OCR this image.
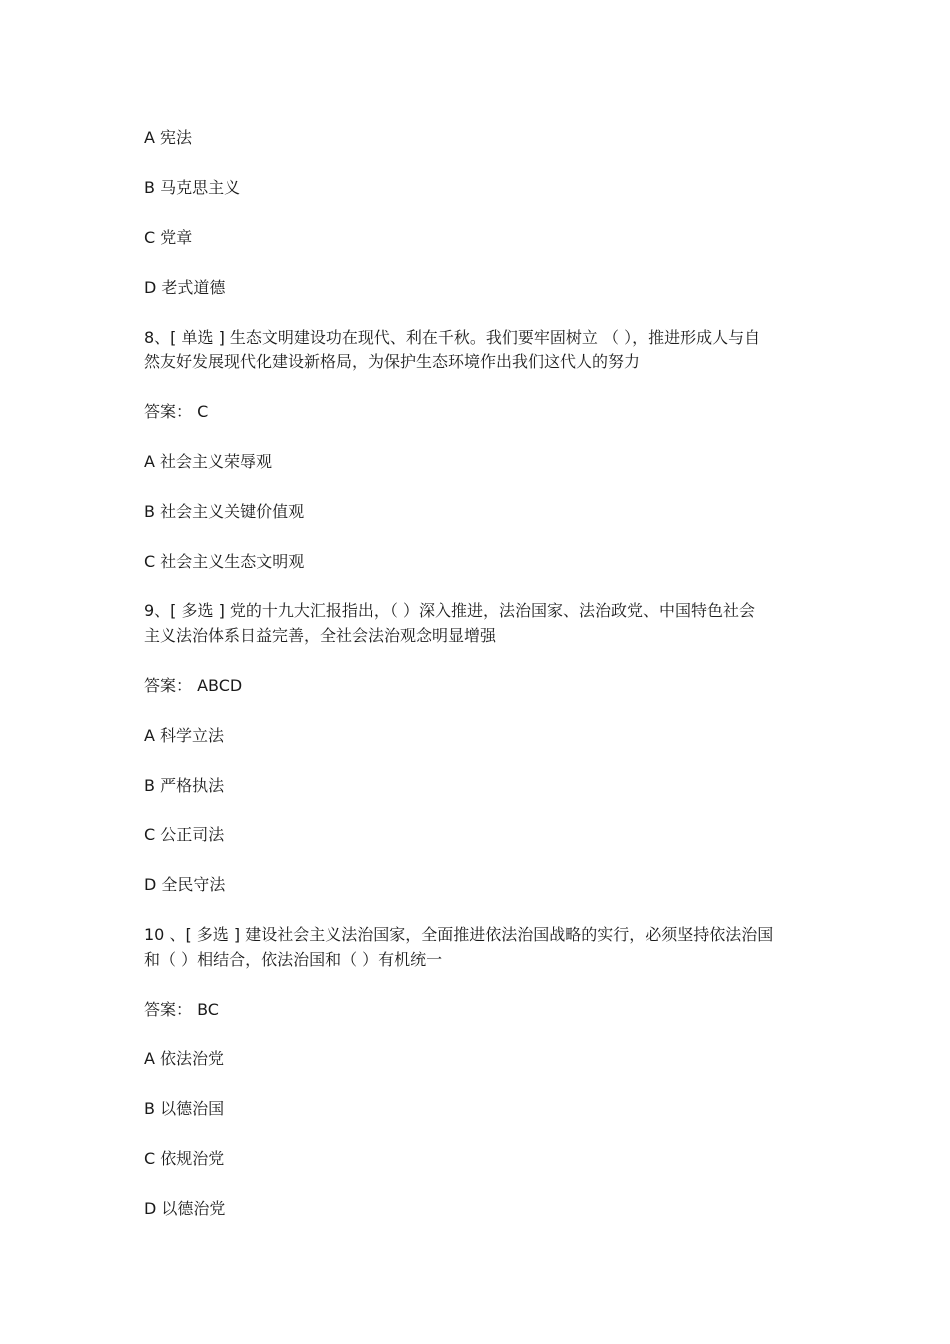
A 宪法
B 马克思主义
C 党章
D 老式道德
8、[ 单选 ] 生态文明建设功在现代、利在千秋。我们要牢固树立 （ ），推进形成人与自
然友好发展现代化建设新格局，为保护生态环境作出我们这代人的努力
答案： C
A 社会主义荣辱观
B 社会主义关键价值观
C 社会主义生态文明观
9、[ 多选 ] 党的十九大汇报指出，（ ）深入推进，法治国家、法治政党、中国特色社会
主义法治体系日益完善，全社会法治观念明显增强
答案： ABCD
A 科学立法
B 严格执法
C 公正司法
D 全民守法
10 、[ 多选 ] 建设社会主义法治国家，全面推进依法治国战略的实行，必须坚持依法治国
和（ ）相结合，依法治国和（ ）有机统一
答案： BC
A 依法治党
B 以德治国
C 依规治党
D 以德治党
